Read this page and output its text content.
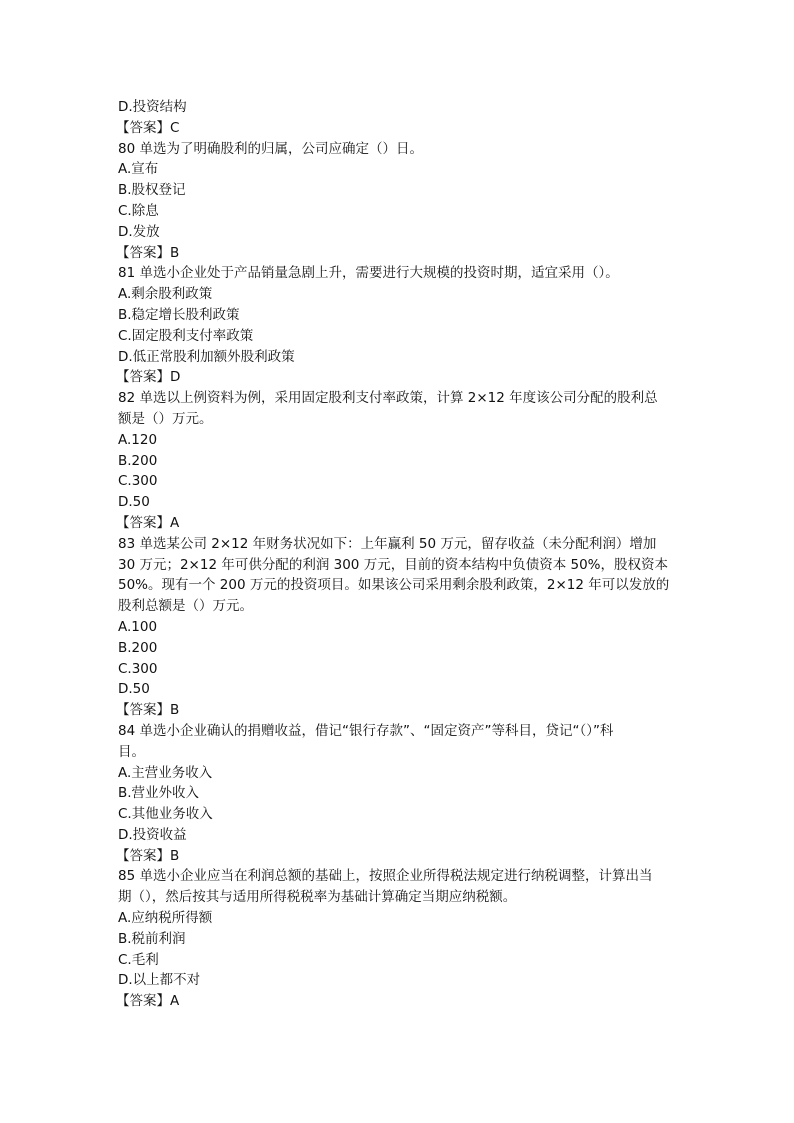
D.投资结构
【答案】C
80 单选为了明确股利的归属，公司应确定（）日。
A.宣布
B.股权登记
C.除息
D.发放
【答案】B
81 单选小企业处于产品销量急剧上升，需要进行大规模的投资时期，适宜采用（）。
A.剩余股利政策
B.稳定增长股利政策
C.固定股利支付率政策
D.低正常股利加额外股利政策
【答案】D
82 单选以上例资料为例，采用固定股利支付率政策，计算 2×12 年度该公司分配的股利总
额是（）万元。
A.120
B.200
C.300
D.50
【答案】A
83 单选某公司 2×12 年财务状况如下：上年赢利 50 万元，留存收益（未分配利润）增加
30 万元；2×12 年可供分配的利润 300 万元，目前的资本结构中负债资本 50%，股权资本
50%。现有一个 200 万元的投资项目。如果该公司采用剩余股利政策，2×12 年可以发放的
股利总额是（）万元。
A.100
B.200
C.300
D.50
【答案】B
84 单选小企业确认的捐赠收益，借记“银行存款”、“固定资产”等科目，贷记“（）”科
目。
A.主营业务收入
B.营业外收入
C.其他业务收入
D.投资收益
【答案】B
85 单选小企业应当在利润总额的基础上，按照企业所得税法规定进行纳税调整，计算出当
期（），然后按其与适用所得税税率为基础计算确定当期应纳税额。
A.应纳税所得额
B.税前利润
C.毛利
D.以上都不对
【答案】A
